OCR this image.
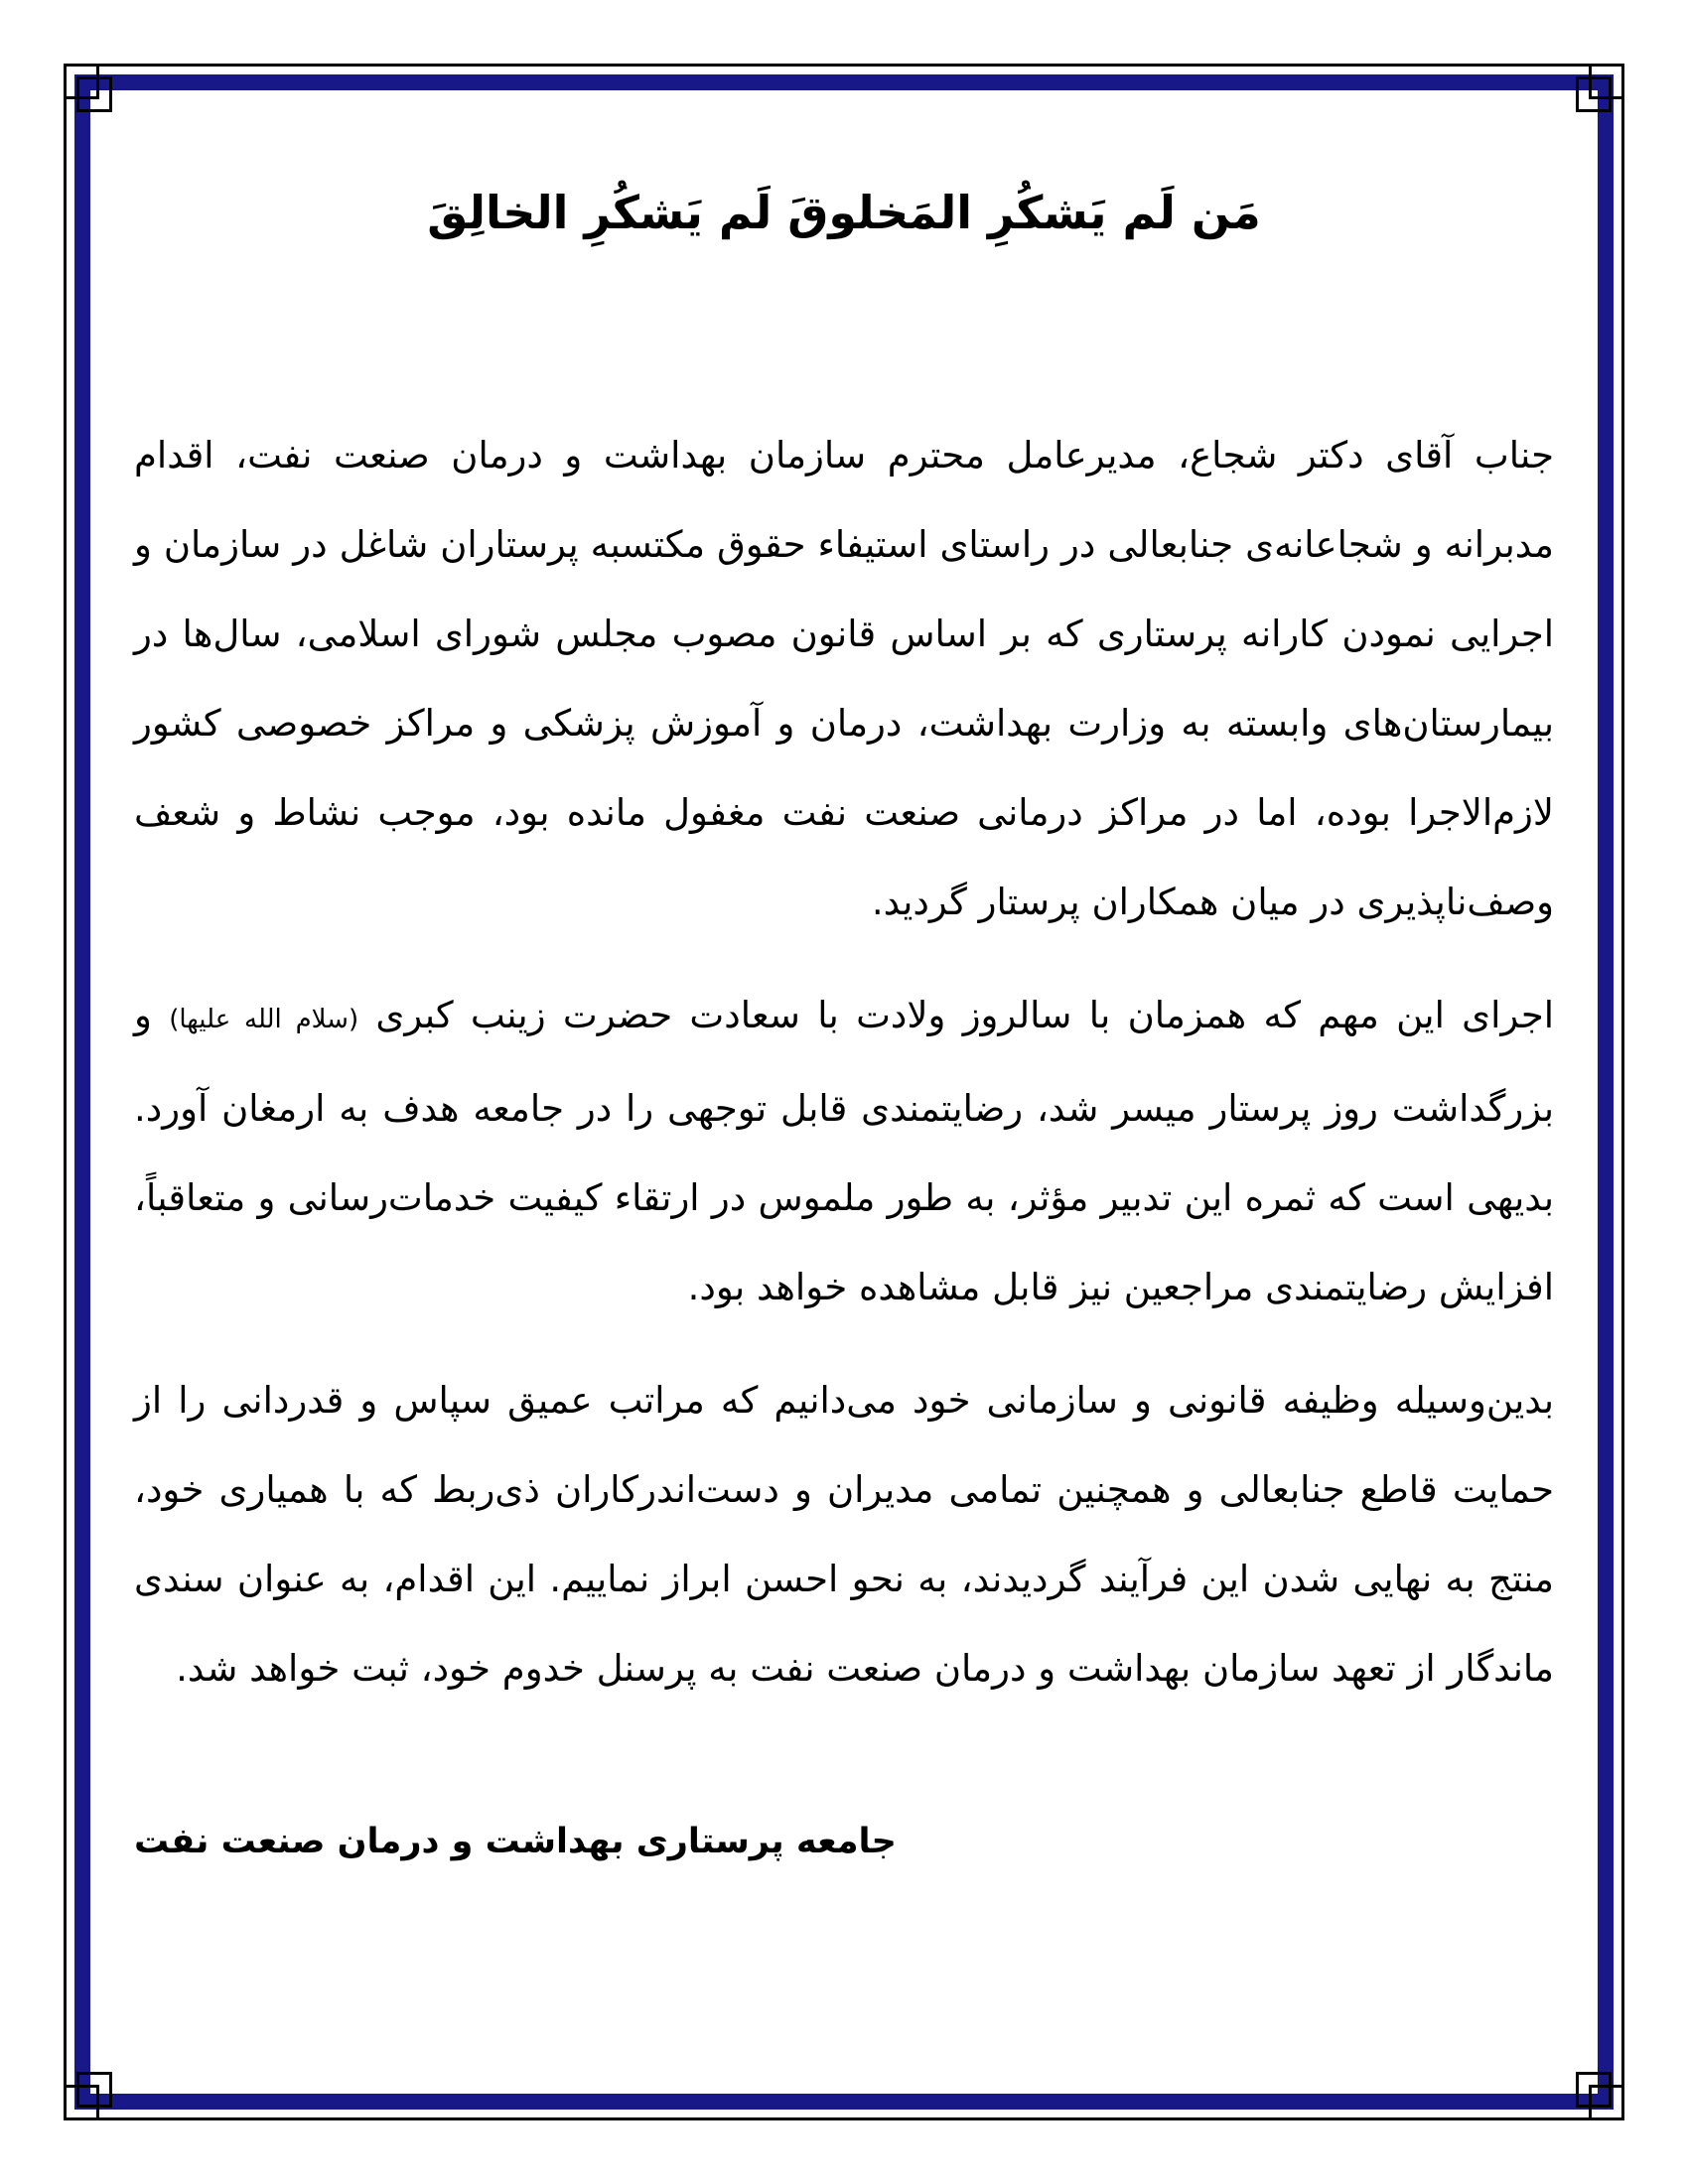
مَن لَم يَشكُرِ المَخلوقَ لَم يَشكُرِ الخالِقَ

جناب آقای دکتر شجاع، مدیرعامل محترم سازمان بهداشت و درمان صنعت نفت، اقدام مدبرانه و شجاعانه‌ی جنابعالی در راستای استیفاء حقوق مکتسبه پرستاران شاغل در سازمان و اجرایی نمودن کارانه پرستاری که بر اساس قانون مصوب مجلس شورای اسلامی، سال‌ها در بیمارستان‌های وابسته به وزارت بهداشت، درمان و آموزش پزشکی و مراکز خصوصی کشور لازم‌الاجرا بوده، اما در مراکز درمانی صنعت نفت مغفول مانده بود، موجب نشاط و شعف وصف‌ناپذیری در میان همکاران پرستار گردید.

اجرای این مهم که همزمان با سالروز ولادت با سعادت حضرت زینب کبری (سلام الله علیها) و بزرگداشت روز پرستار میسر شد، رضایتمندی قابل توجهی را در جامعه هدف به ارمغان آورد. بدیهی است که ثمره این تدبیر مؤثر، به طور ملموس در ارتقاء کیفیت خدمات‌رسانی و متعاقباً، افزایش رضایتمندی مراجعین نیز قابل مشاهده خواهد بود.

بدین‌وسیله وظیفه قانونی و سازمانی خود می‌دانیم که مراتب عمیق سپاس و قدردانی را از حمایت قاطع جنابعالی و همچنین تمامی مدیران و دست‌اندرکاران ذی‌ربط که با همیاری خود، منتج به نهایی شدن این فرآیند گردیدند، به نحو احسن ابراز نماییم. این اقدام، به عنوان سندی ماندگار از تعهد سازمان بهداشت و درمان صنعت نفت به پرسنل خدوم خود، ثبت خواهد شد.

جامعه پرستاری بهداشت و درمان صنعت نفت
